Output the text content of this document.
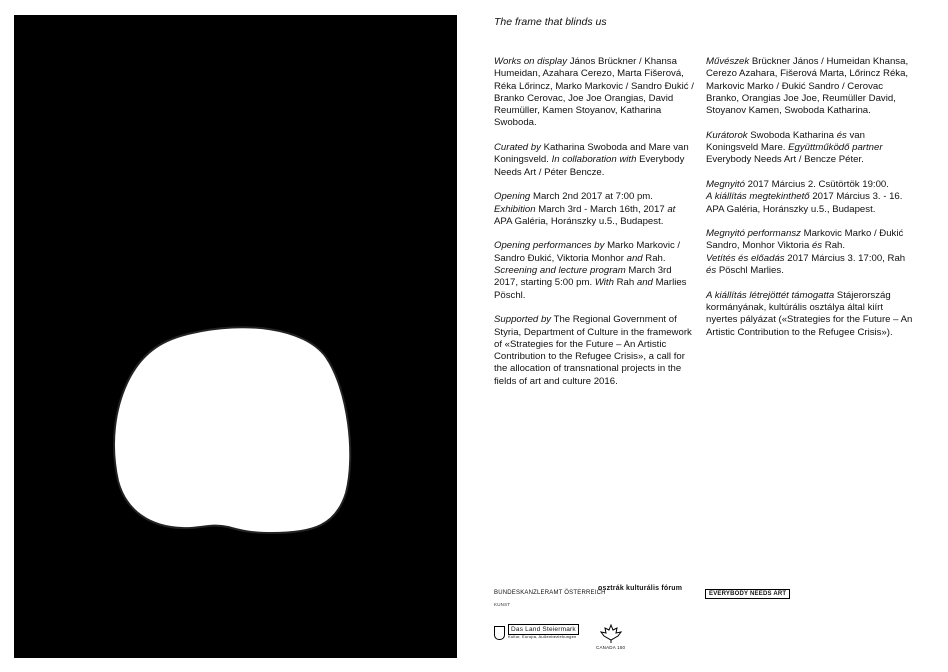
The frame that blinds us

Works on display János Brückner / Khansa Humeidan, Azahara Cerezo, Marta Fišerová, Réka Lőrincz, Marko Markovic / Sandro Đukić / Branko Cerovac, Joe Joe Orangias, David Reumüller, Kamen Stoyanov, Katharina Swoboda.

Curated by Katharina Swoboda and Mare van Koningsveld. In collaboration with Everybody Needs Art / Péter Bencze.

Opening March 2nd 2017 at 7:00 pm.
Exhibition March 3rd - March 16th, 2017 at APA Galéria, Horánszky u.5., Budapest.

Opening performances by Marko Markovic / Sandro Đukić, Viktoria Monhor and Rah.
Screening and lecture program March 3rd 2017, starting 5:00 pm. With Rah and Marlies Pöschl.

Supported by The Regional Government of Styria, Department of Culture in the framework of «Strategies for the Future – An Artistic Contribution to the Refugee Crisis», a call for the allocation of transnational projects in the fields of art and culture 2016.

Művészek Brückner János / Humeidan Khansa, Cerezo Azahara, Fišerová Marta, Lőrincz Réka, Markovic Marko / Đukić Sandro / Cerovac Branko, Orangias Joe Joe, Reumüller David, Stoyanov Kamen, Swoboda Katharina.

Kurátorok Swoboda Katharina és van Koningsveld Mare. Együttműködő partner Everybody Needs Art / Bencze Péter.

Megnyitó 2017 Március 2. Csütörtök 19:00.
A kiállítás megtekinthető 2017 Március 3. - 16. APA Galéria, Horánszky u.5., Budapest.

Megnyitó performansz Markovic Marko / Đukić Sandro, Monhor Viktoria és Rah.
Vetítés és előadás 2017 Március 3. 17:00, Rah és Pöschl Marlies.

A kiállítás létrejöttét támogatta Stájerország kormányának, kultúrális osztálya által kiírt nyertes pályázat («Strategies for the Future – An Artistic Contribution to the Refugee Crisis»).

BUNDESKANZLERAMT ÖSTERREICH
KUNST
osztrák kulturális fórum
EVERYBODY NEEDS ART
Das Land Steiermark
Kultur, Europa, Außenbeziehungen
CANADA 150
